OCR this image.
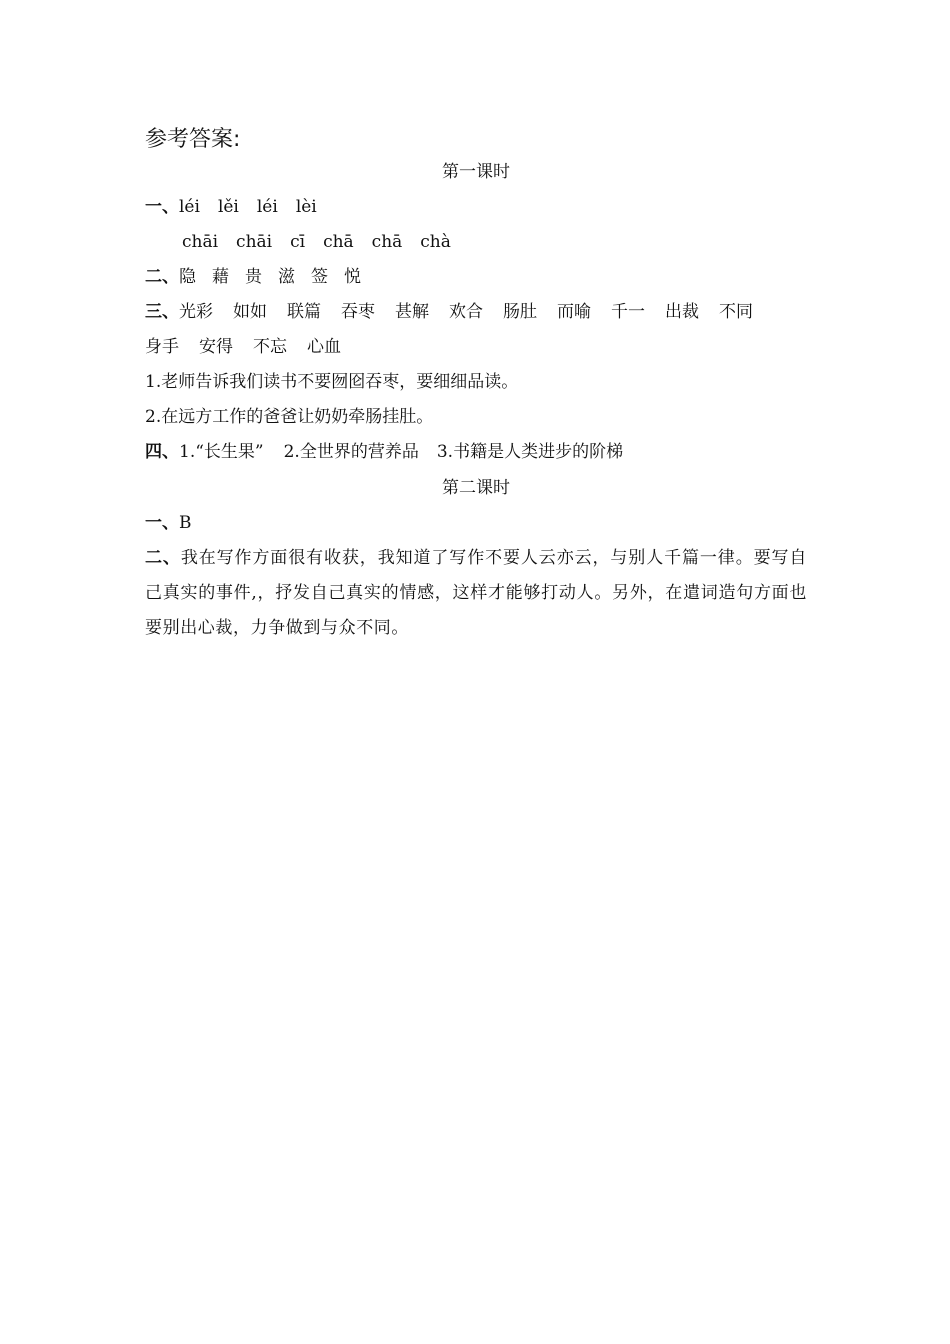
参考答案:
第一课时
一、léi lěi léi lèi
chāi chāi cī chā chā chà
二、隐 藉 贵 滋 签 悦
三、光彩 如如 联篇 吞枣 甚解 欢合 肠肚 而喻 千一 出裁 不同
身手 安得 不忘 心血
1.老师告诉我们读书不要囫囵吞枣，要细细品读。
2.在远方工作的爸爸让奶奶牵肠挂肚。
四、1.“长生果” 2.全世界的营养品 3.书籍是人类进步的阶梯
第二课时
一、B
二、我在写作方面很有收获，我知道了写作不要人云亦云，与别人千篇一律。要写自己真实的事件,，抒发自己真实的情感，这样才能够打动人。另外，在遣词造句方面也要别出心裁，力争做到与众不同。
